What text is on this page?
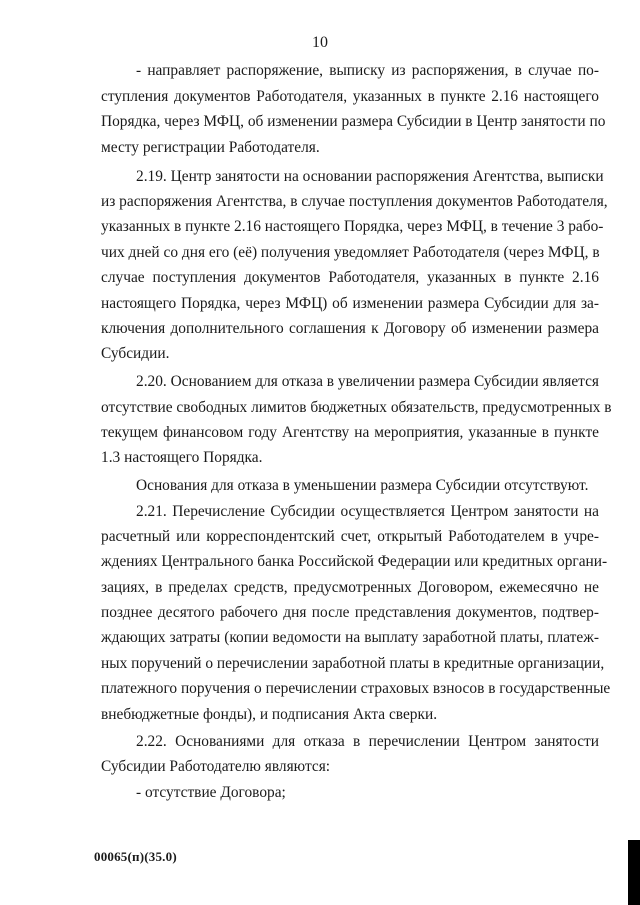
10
- направляет распоряжение, выписку из распоряжения, в случае по-
ступления документов Работодателя, указанных в пункте 2.16 настоящего
Порядка, через МФЦ, об изменении размера Субсидии в Центр занятости по
месту регистрации Работодателя.
2.19. Центр занятости на основании распоряжения Агентства, выписки
из распоряжения Агентства, в случае поступления документов Работодателя,
указанных в пункте 2.16 настоящего Порядка, через МФЦ, в течение 3 рабо-
чих дней со дня его (её) получения уведомляет Работодателя (через МФЦ, в
случае поступления документов Работодателя, указанных в пункте 2.16
настоящего Порядка, через МФЦ) об изменении размера Субсидии для за-
ключения дополнительного соглашения к Договору об изменении размера
Субсидии.
2.20. Основанием для отказа в увеличении размера Субсидии является
отсутствие свободных лимитов бюджетных обязательств, предусмотренных в
текущем финансовом году Агентству на мероприятия, указанные в пункте
1.3 настоящего Порядка.
Основания для отказа в уменьшении размера Субсидии отсутствуют.
2.21. Перечисление Субсидии осуществляется Центром занятости на
расчетный или корреспондентский счет, открытый Работодателем в учре-
ждениях Центрального банка Российской Федерации или кредитных органи-
зациях, в пределах средств, предусмотренных Договором, ежемесячно не
позднее десятого рабочего дня после представления документов, подтвер-
ждающих затраты (копии ведомости на выплату заработной платы, платеж-
ных поручений о перечислении заработной платы в кредитные организации,
платежного поручения о перечислении страховых взносов в государственные
внебюджетные фонды), и подписания Акта сверки.
2.22. Основаниями для отказа в перечислении Центром занятости
Субсидии Работодателю являются:
- отсутствие Договора;
00065(п)(35.0)
